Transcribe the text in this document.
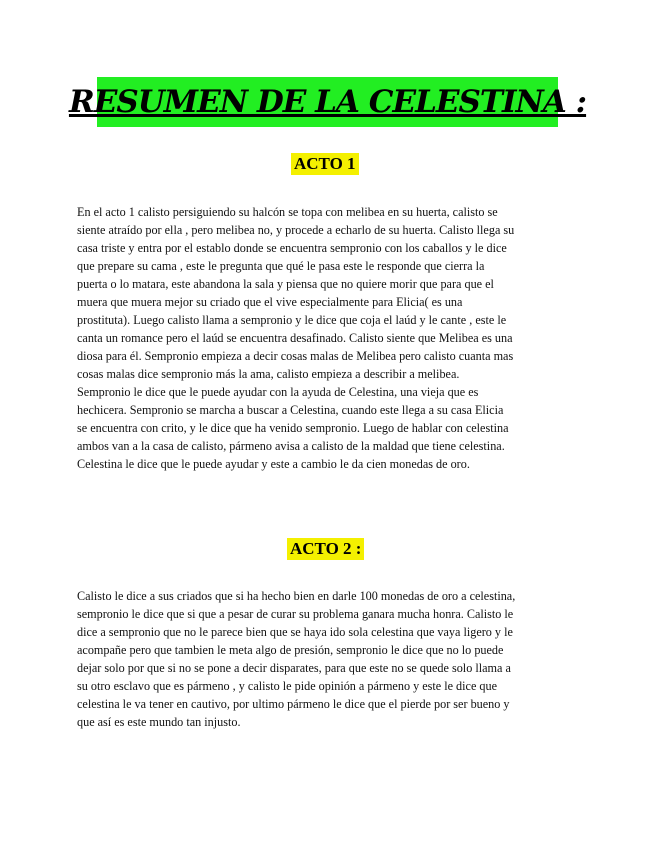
RESUMEN DE LA CELESTINA :
ACTO 1

En el acto 1 calisto persiguiendo su halcón se topa con melibea en su huerta, calisto se
siente atraído por ella , pero melibea no, y procede a echarlo de su huerta. Calisto llega su
casa triste y entra por el establo donde se encuentra sempronio con los caballos y le dice
que prepare su cama , este le pregunta que qué le pasa este le responde que cierra la
puerta o lo matara, este abandona la sala y piensa que no quiere morir que para que el
muera que muera mejor su criado que el vive especialmente para Elicia( es una
prostituta). Luego calisto llama a sempronio y le dice que coja el laúd y le cante , este le
canta un romance pero el laúd se encuentra desafinado. Calisto siente que Melibea es una
diosa para él. Sempronio empieza a decir cosas malas de Melibea pero calisto cuanta mas
cosas malas dice sempronio más la ama, calisto empieza a describir a melibea.
Sempronio le dice que le puede ayudar con la ayuda de Celestina, una vieja que es
hechicera. Sempronio se marcha a buscar a Celestina, cuando este llega a su casa Elicia
se encuentra con crito, y le dice que ha venido sempronio. Luego de hablar con celestina
ambos van a la casa de calisto, pármeno avisa a calisto de la maldad que tiene celestina.
Celestina le dice que le puede ayudar y este a cambio le da cien monedas de oro.

ACTO 2 :

Calisto le dice a sus criados que si ha hecho bien en darle 100 monedas de oro a celestina,
sempronio le dice que si que a pesar de curar su problema ganara mucha honra. Calisto le
dice a sempronio que no le parece bien que se haya ido sola celestina que vaya ligero y le
acompañe pero que tambien le meta algo de presión, sempronio le dice que no lo puede
dejar solo por que si no se pone a decir disparates, para que este no se quede solo llama a
su otro esclavo que es pármeno , y calisto le pide opinión a pármeno y este le dice que
celestina le va tener en cautivo, por ultimo pármeno le dice que el pierde por ser bueno y
que así es este mundo tan injusto.
